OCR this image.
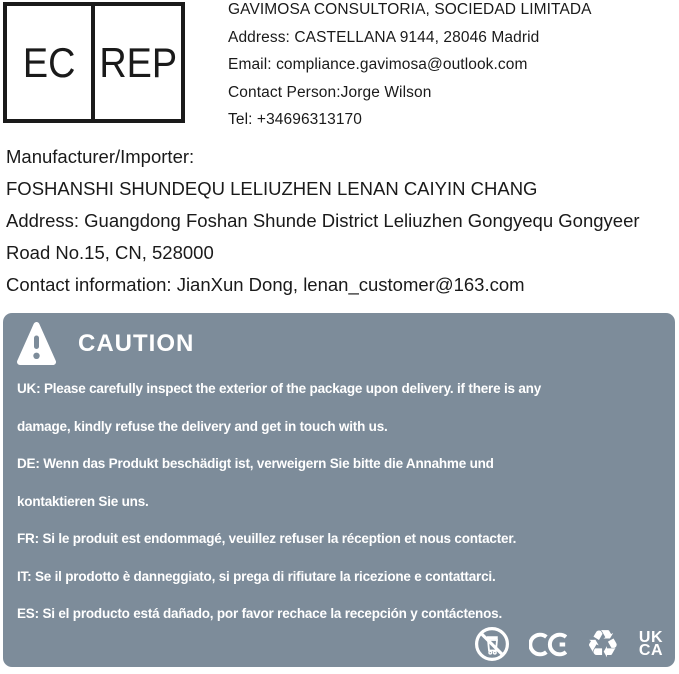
EC REP
GAVIMOSA CONSULTORIA, SOCIEDAD LIMITADA
Address: CASTELLANA 9144, 28046 Madrid
Email: compliance.gavimosa@outlook.com
Contact Person:Jorge Wilson
Tel: +34696313170
Manufacturer/Importer:
FOSHANSHI SHUNDEQU LELIUZHEN LENAN CAIYIN CHANG
Address: Guangdong Foshan Shunde District Leliuzhen Gongyequ Gongyeer
Road No.15, CN, 528000
Contact information: JianXun Dong, lenan_customer@163.com
CAUTION
UK: Please carefully inspect the exterior of the package upon delivery. if there is any
damage, kindly refuse the delivery and get in touch with us.
DE: Wenn das Produkt beschädigt ist, verweigern Sie bitte die Annahme und
kontaktieren Sie uns.
FR: Si le produit est endommagé, veuillez refuser la réception et nous contacter.
IT: Se il prodotto è danneggiato, si prega di rifiutare la ricezione e contattarci.
ES: Si el producto está dañado, por favor rechace la recepción y contáctenos.
♻ UK
CA
